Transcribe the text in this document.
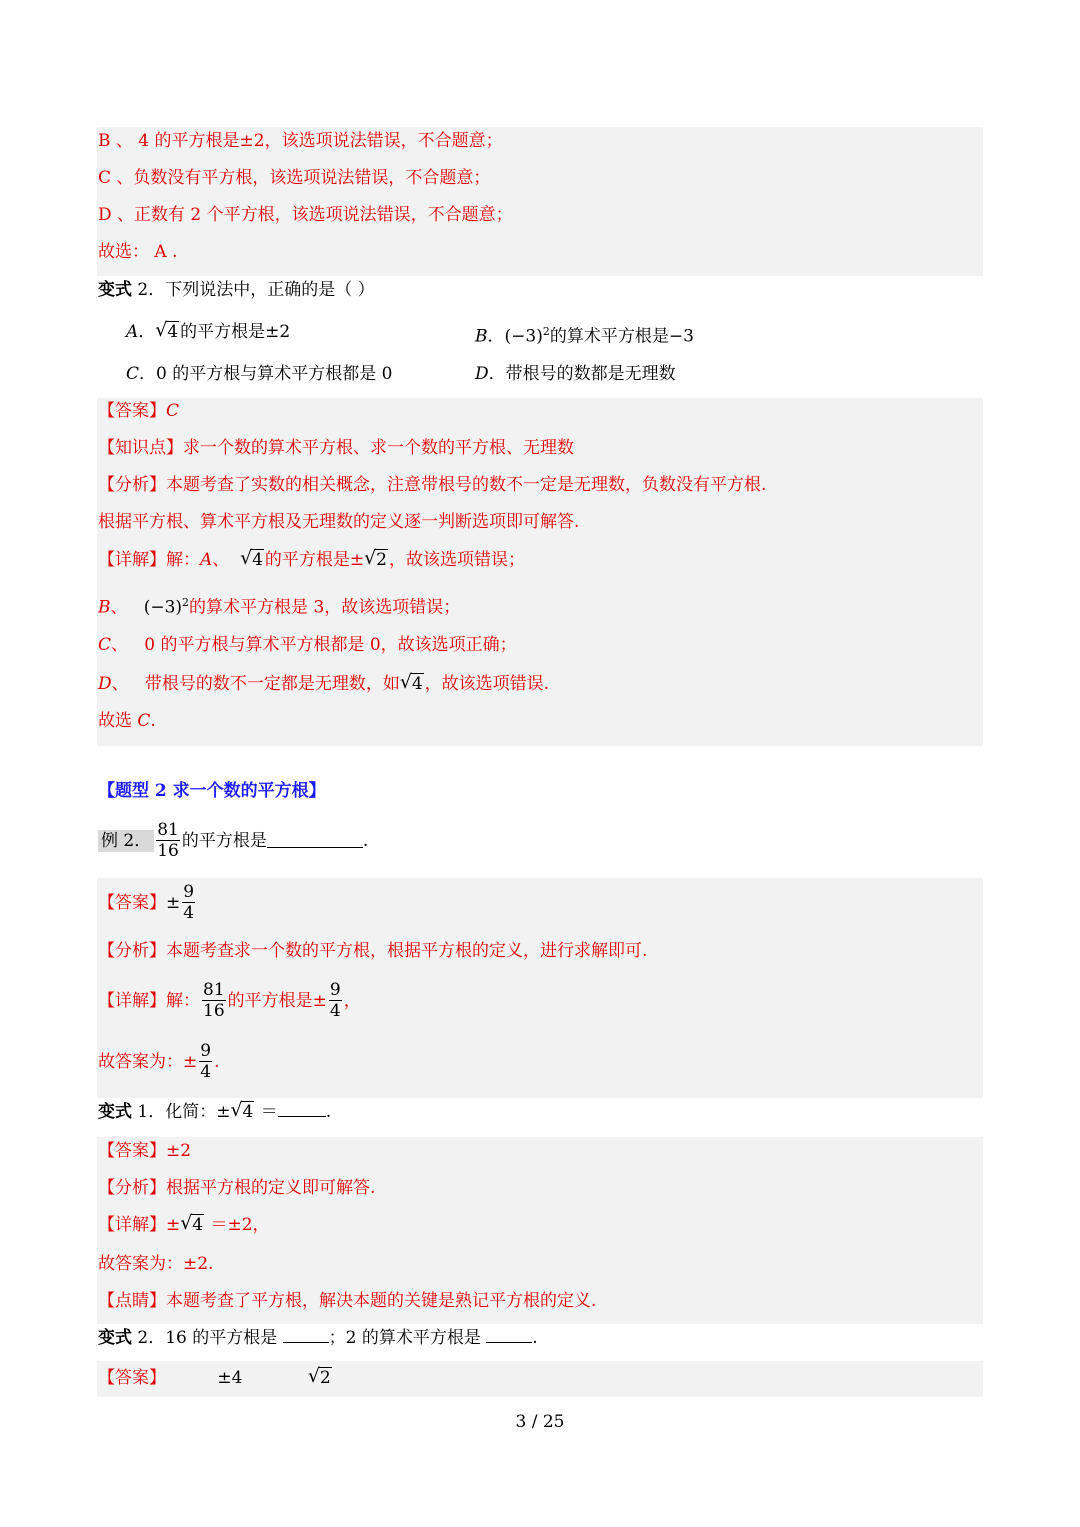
B 、 4 的平方根是±2，该选项说法错误，不合题意；
C 、负数没有平方根，该选项说法错误，不合题意；
D 、正数有 2 个平方根，该选项说法错误，不合题意；
故选： A .
变式 2．下列说法中，正确的是（ ）
A． √ 4 的平方根是±2	B．$(-3)^2$的算术平方根是−3
C．0 的平方根与算术平方根都是 0	D．带根号的数都是无理数
【答案】C
【知识点】求一个数的算术平方根、求一个数的平方根、无理数
【分析】本题考查了实数的相关概念，注意带根号的数不一定是无理数，负数没有平方根.
根据平方根、算术平方根及无理数的定义逐一判断选项即可解答.
【详解】解：A、 √ 4 的平方根是± √ 2 ，故该选项错误；
B、 $(-3)^2$的算术平方根是 3，故该选项错误；
C、 0 的平方根与算术平方根都是 0，故该选项正确；
D、 带根号的数不一定都是无理数，如 √ 4 ，故该选项错误.
故选 C.
【题型 2 求一个数的平方根】
例 2． $\frac{81}{16}$ 的平方根是	.
【答案】 ± $\frac{9}{4}$
【分析】本题考查求一个数的平方根，根据平方根的定义，进行求解即可.
【详解】 解： $\frac{81}{16}$ 的平方根是± $\frac{9}{4}$ ，
故答案为：± $\frac{9}{4}$ .
变式 1．化简：± √ 4 ＝	.
【答案】±2
【分析】根据平方根的定义即可解答.
【详解】± √ 4 ＝±2，
故答案为：±2.
【点睛】本题考查了平方根，解决本题的关键是熟记平方根的定义.
变式 2．16 的平方根是	；2 的算术平方根是	.
【答案】	±4	√ 2
3 / 25
